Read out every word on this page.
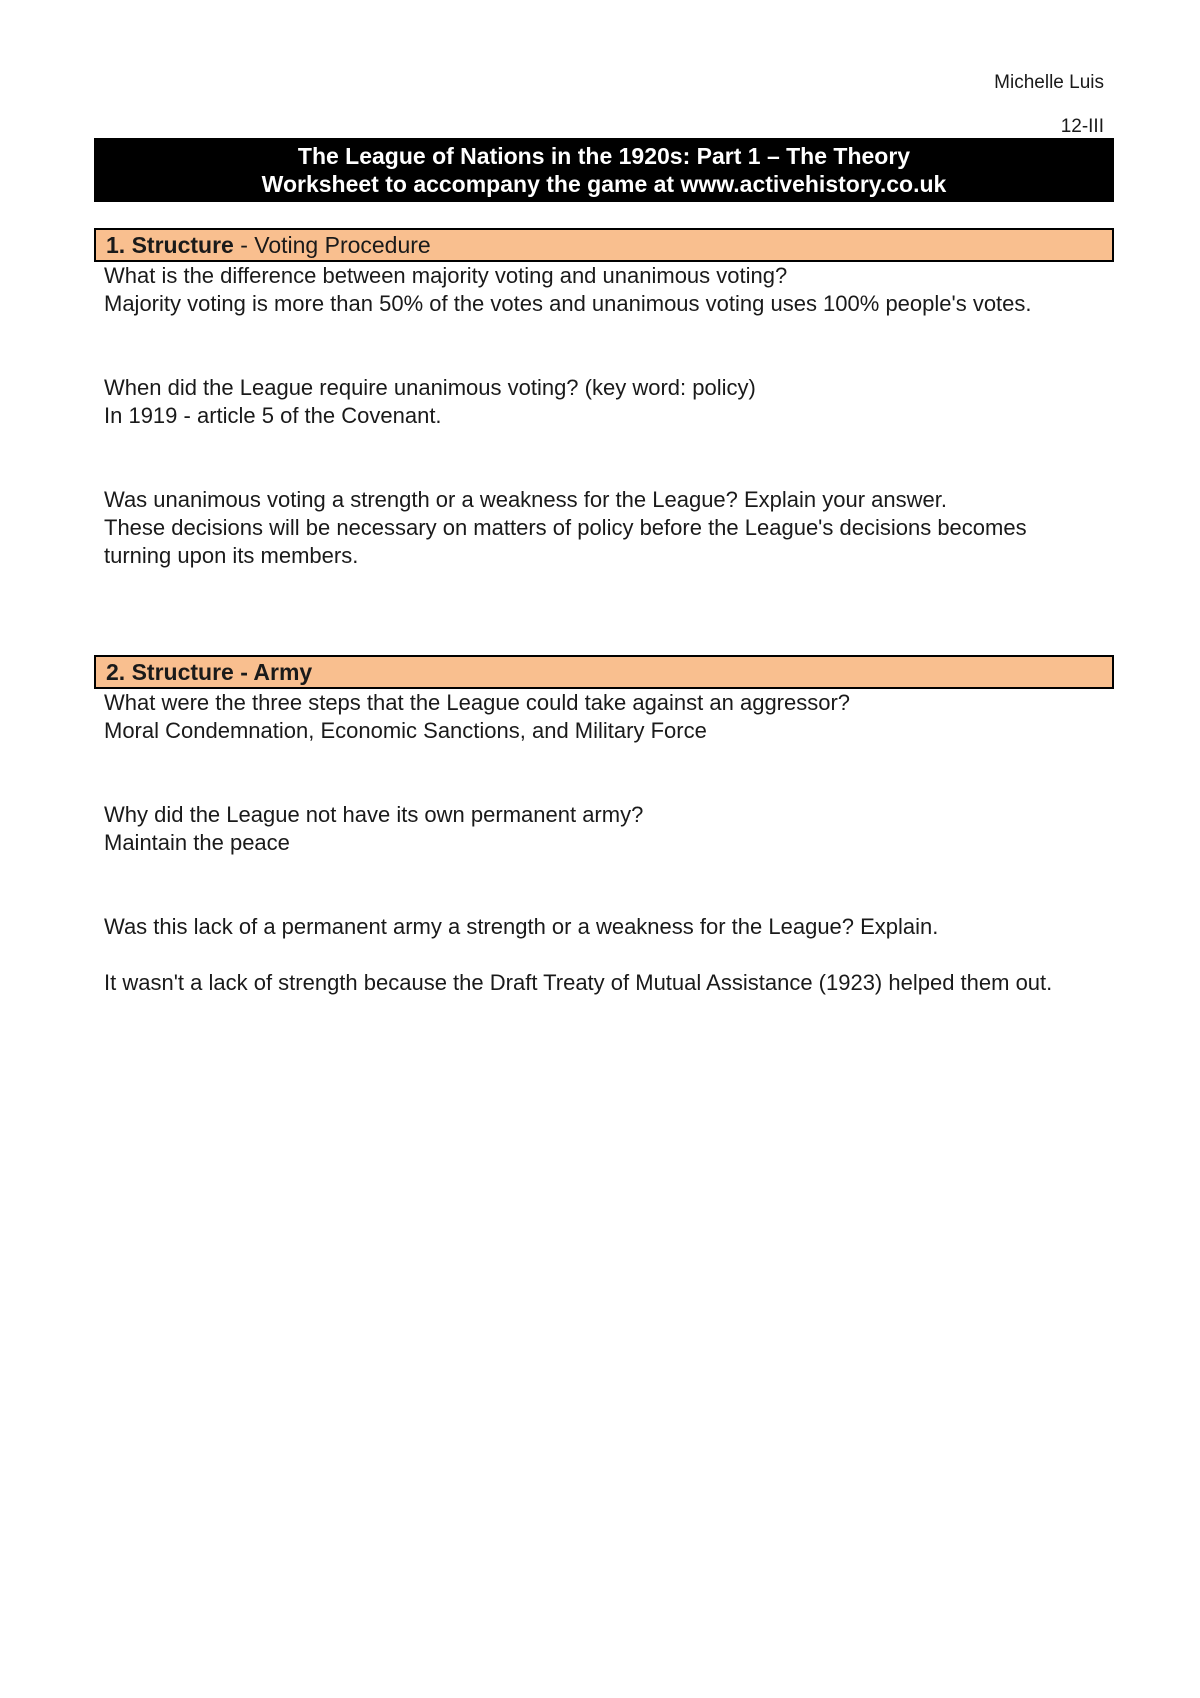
Michelle Luis
12-III
The League of Nations in the 1920s: Part 1 – The Theory
Worksheet to accompany the game at www.activehistory.co.uk
1. Structure - Voting Procedure

What is the difference between majority voting and unanimous voting?

Majority voting is more than 50% of the votes and unanimous voting uses 100% people's votes.

When did the League require unanimous voting? (key word: policy)

In 1919 - article 5 of the Covenant.

Was unanimous voting a strength or a weakness for the League? Explain your answer.

These decisions will be necessary on matters of policy before the League's decisions becomes turning upon its members.

2. Structure - Army

What were the three steps that the League could take against an aggressor?

Moral Condemnation, Economic Sanctions, and Military Force

Why did the League not have its own permanent army?

Maintain the peace

Was this lack of a permanent army a strength or a weakness for the League? Explain.

It wasn't a lack of strength because the Draft Treaty of Mutual Assistance (1923) helped them out.
